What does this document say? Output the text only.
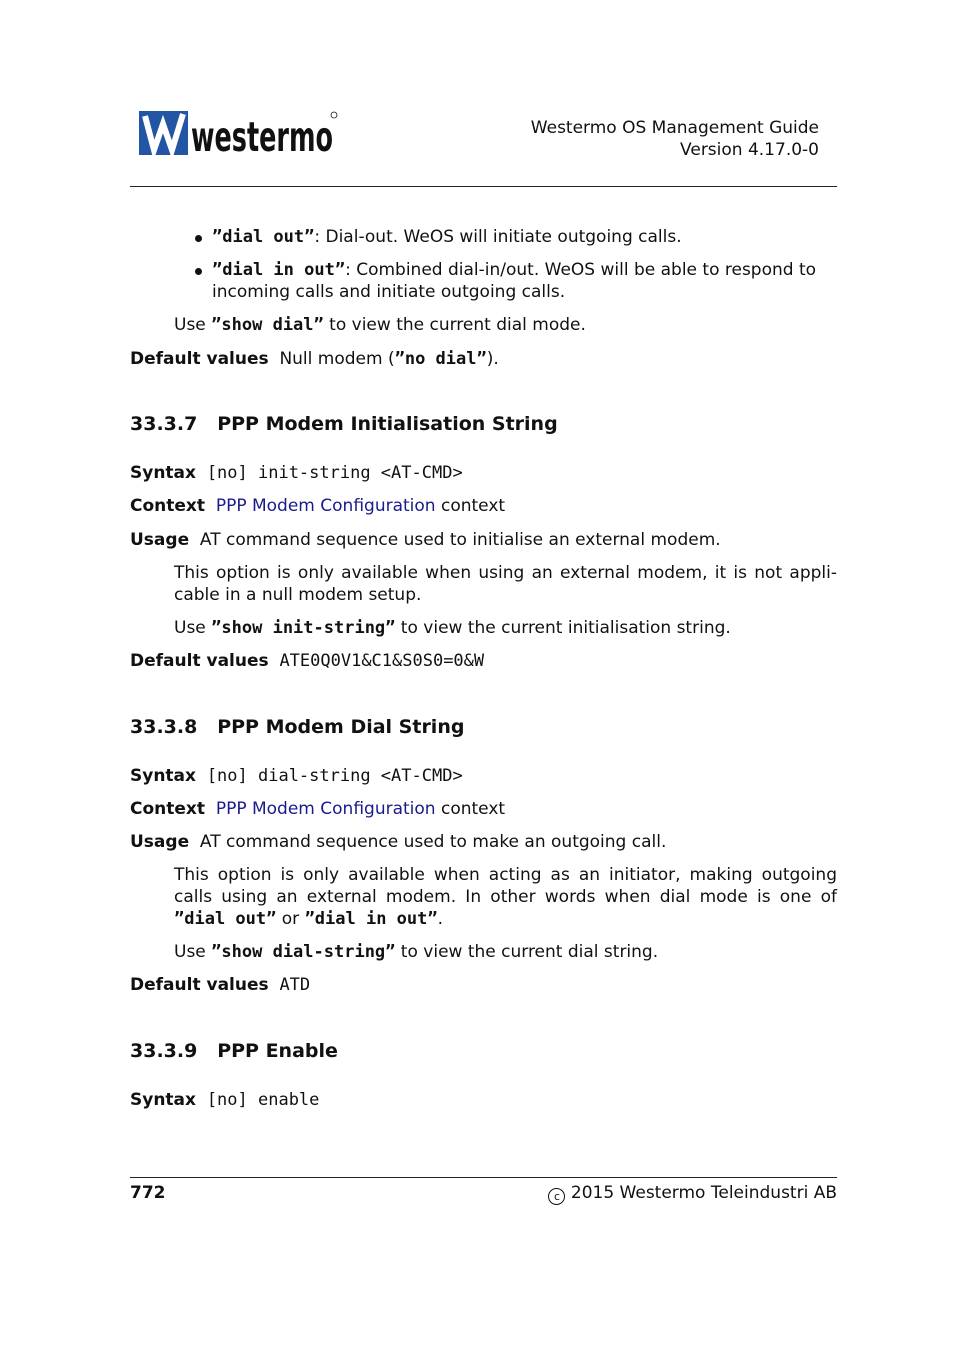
westermo	Westermo OS Management Guide
Version 4.17.0-0
”dial out”: Dial-out. WeOS will initiate outgoing calls.
”dial in out”: Combined dial-in/out. WeOS will be able to respond to
incoming calls and initiate outgoing calls.
Use ”show dial” to view the current dial mode.
Default values Null modem (”no dial”).
33.3.7 PPP Modem Initialisation String
Syntax [no] init-string <AT-CMD>
Context PPP Modem Configuration context
Usage AT command sequence used to initialise an external modem.
This option is only available when using an external modem, it is not appli-
cable in a null modem setup.
Use ”show init-string” to view the current initialisation string.
Default values ATE0Q0V1&C1&S0S0=0&W
33.3.8 PPP Modem Dial String
Syntax [no] dial-string <AT-CMD>
Context PPP Modem Configuration context
Usage AT command sequence used to make an outgoing call.
This option is only available when acting as an initiator, making outgoing
calls using an external modem. In other words when dial mode is one of
”dial out” or ”dial in out”.
Use ”show dial-string” to view the current dial string.
Default values ATD
33.3.9 PPP Enable
Syntax [no] enable
772	c 2015 Westermo Teleindustri AB
